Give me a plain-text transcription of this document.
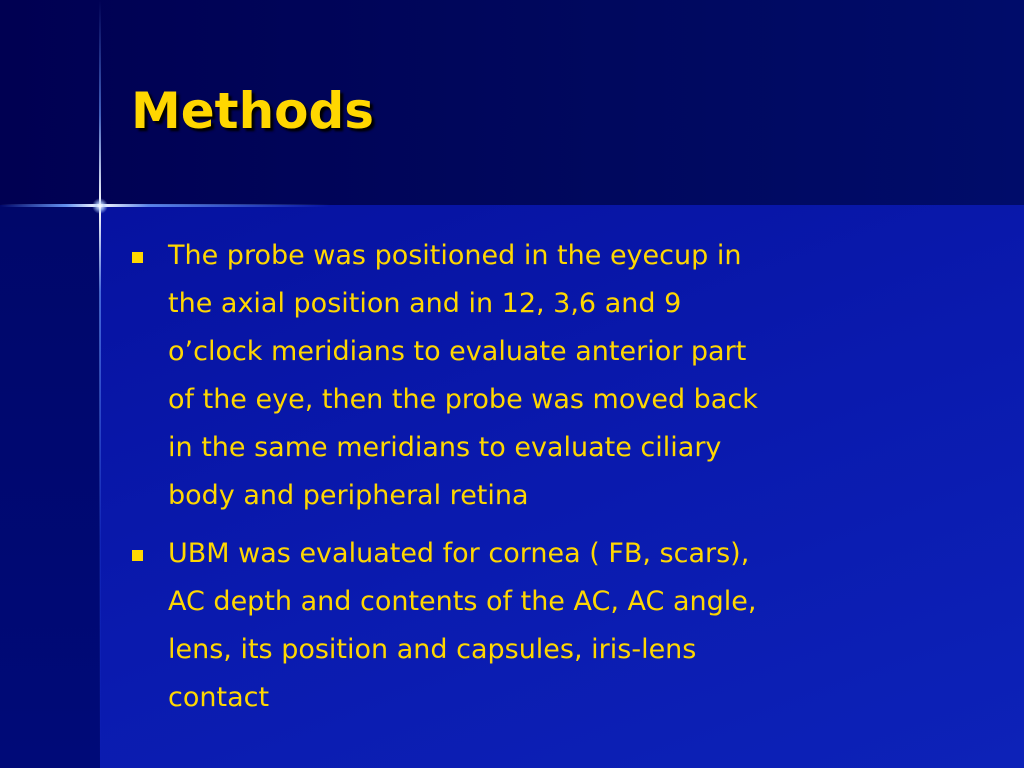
Methods
The probe was positioned in the eyecup in
the axial position and in 12, 3,6 and 9
o’clock meridians to evaluate anterior part
of the eye, then the probe was moved back
in the same meridians to evaluate ciliary
body and peripheral retina
UBM was evaluated for cornea ( FB, scars),
AC depth and contents of the AC, AC angle,
lens, its position and capsules, iris-lens
contact
